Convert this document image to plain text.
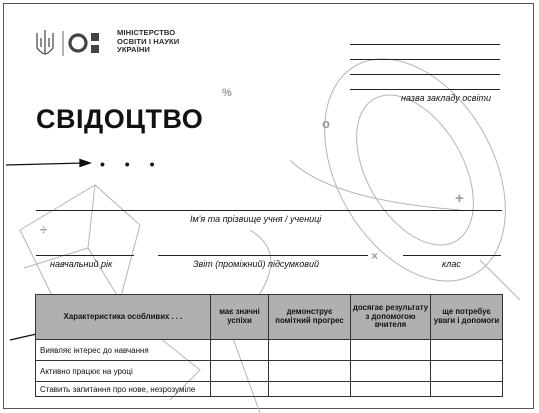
%
o
+
÷
×
МІНІСТЕРСТВО
ОСВІТИ І НАУКИ
УКРАЇНИ
назва закладу освіти
СВІДОЦТВО
• • •
Ім'я та прізвище учня / учениці
навчальний рік	Звіт (проміжний) підсумковий	клас
Характеристика особливих . . .	має значні успіхи	демонструє помітний прогрес	досягає результату з допомогою вчителя	ще потребує уваги і допомоги
Виявляє інтерес до навчання				
Активно працює на уроці				
Ставить запитання про нове, незрозуміле				
